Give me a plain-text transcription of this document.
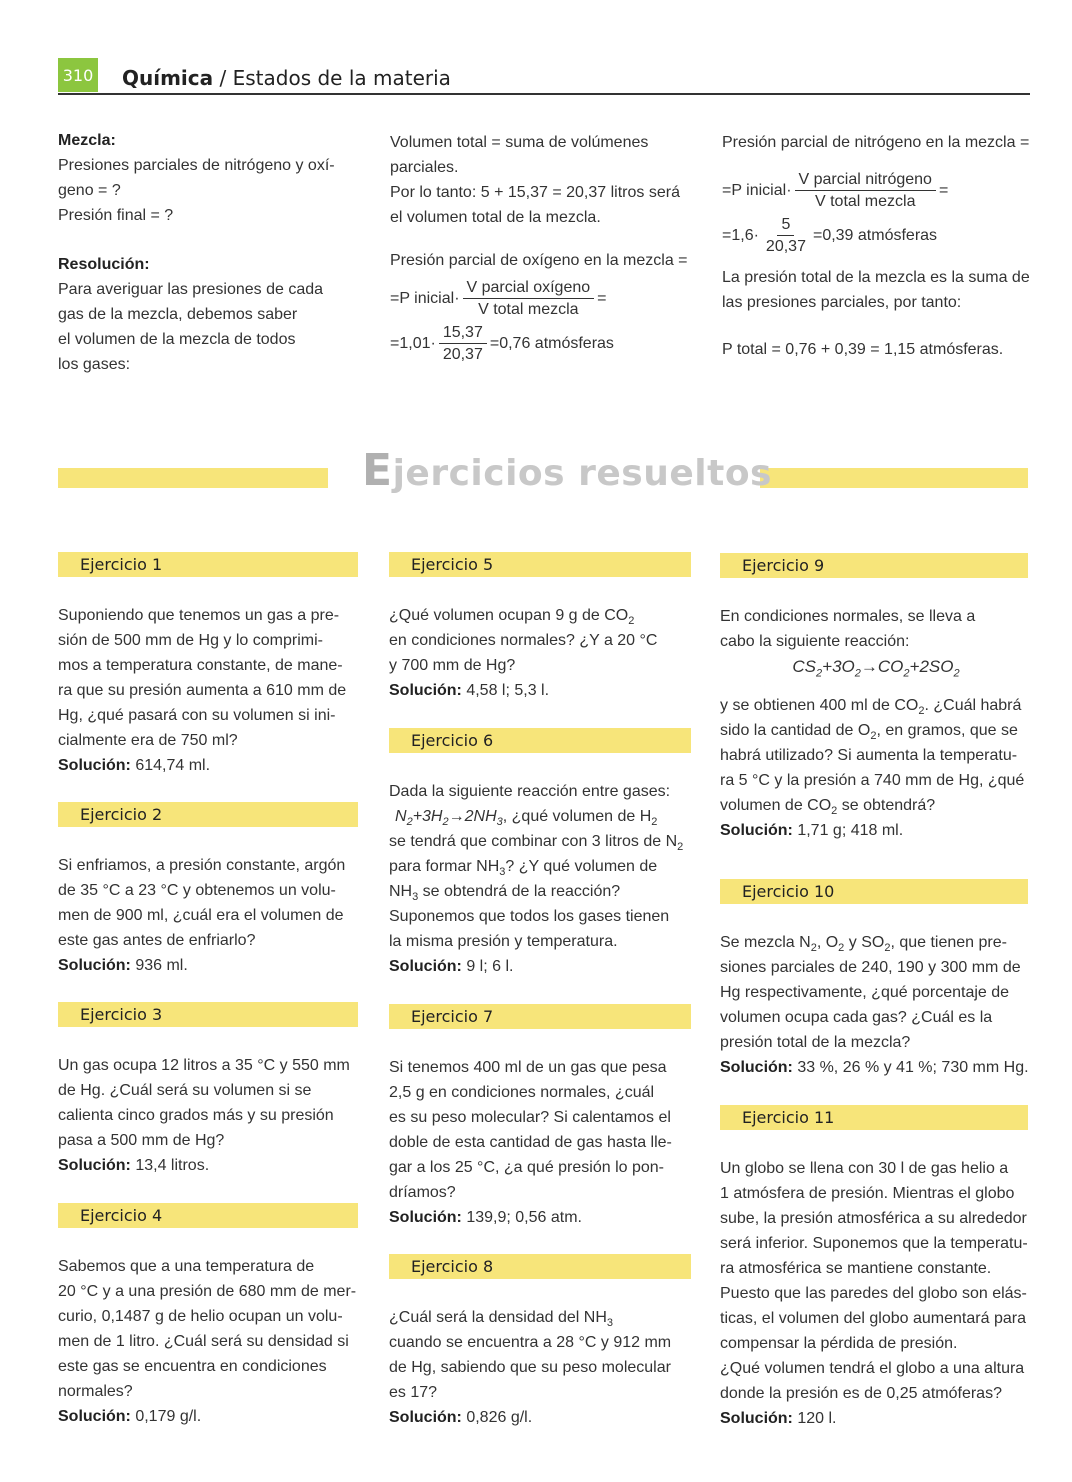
310 Química / Estados de la materia

Mezcla:

Presiones parciales de nitrógeno y oxí-

geno = ?

Presión final = ?

Resolución:

Para averiguar las presiones de cada

gas de la mezcla, debemos saber

el volumen de la mezcla de todos

los gases:

Volumen total = suma de volúmenes

parciales.

Por lo tanto: 5 + 15,37 = 20,37 litros será

el volumen total de la mezcla.

Presión parcial de oxígeno en la mezcla =

=P inicial· $\frac{\text{V parcial oxígeno}}{\text{V total mezcla}}$ =
$=1,01\cdot \frac{15,37}{20,37} =0,76$ atmósferas

Presión parcial de nitrógeno en la mezcla =

=P inicial· $\frac{\text{V parcial nitrógeno}}{\text{V total mezcla}}$ =
$=1,6\cdot \frac{5}{20,37} =0,39$ atmósferas

La presión total de la mezcla es la suma de

las presiones parciales, por tanto:

P total = 0,76 + 0,39 = 1,15 atmósferas.

Ejercicios resueltos
Ejercicio 1

Suponiendo que tenemos un gas a pre-

sión de 500 mm de Hg y lo comprimi-

mos a temperatura constante, de mane-

ra que su presión aumenta a 610 mm de

Hg, ¿qué pasará con su volumen si ini-

cialmente era de 750 ml?

Solución: 614,74 ml.

Ejercicio 2

Si enfriamos, a presión constante, argón

de 35 °C a 23 °C y obtenemos un volu-

men de 900 ml, ¿cuál era el volumen de

este gas antes de enfriarlo?

Solución: 936 ml.

Ejercicio 3

Un gas ocupa 12 litros a 35 °C y 550 mm

de Hg. ¿Cuál será su volumen si se

calienta cinco grados más y su presión

pasa a 500 mm de Hg?

Solución: 13,4 litros.

Ejercicio 4

Sabemos que a una temperatura de

20 °C y a una presión de 680 mm de mer-

curio, 0,1487 g de helio ocupan un volu-

men de 1 litro. ¿Cuál será su densidad si

este gas se encuentra en condiciones

normales?

Solución: 0,179 g/l.

Ejercicio 5

¿Qué volumen ocupan 9 g de $CO_2$

en condiciones normales? ¿Y a 20 °C

y 700 mm de Hg?

Solución: 4,58 l; 5,3 l.

Ejercicio 6

Dada la siguiente reacción entre gases:

$N_2+3H_2\to 2NH_3$, ¿qué volumen de $H_2$

se tendrá que combinar con 3 litros de $N_2$

para formar $NH_3$? ¿Y qué volumen de

$NH_3$ se obtendrá de la reacción?

Suponemos que todos los gases tienen

la misma presión y temperatura.

Solución: 9 l; 6 l.

Ejercicio 7

Si tenemos 400 ml de un gas que pesa

2,5 g en condiciones normales, ¿cuál

es su peso molecular? Si calentamos el

doble de esta cantidad de gas hasta lle-

gar a los 25 °C, ¿a qué presión lo pon-

dríamos?

Solución: 139,9; 0,56 atm.

Ejercicio 8

¿Cuál será la densidad del $NH_3$

cuando se encuentra a 28 °C y 912 mm

de Hg, sabiendo que su peso molecular

es 17?

Solución: 0,826 g/l.

Ejercicio 9

En condiciones normales, se lleva a

cabo la siguiente reacción:

$CS_2+3O_2\to CO_2+2SO_2$

y se obtienen 400 ml de $CO_2$. ¿Cuál habrá

sido la cantidad de $O_2$, en gramos, que se

habrá utilizado? Si aumenta la temperatu-

ra 5 °C y la presión a 740 mm de Hg, ¿qué

volumen de $CO_2$ se obtendrá?

Solución: 1,71 g; 418 ml.

Ejercicio 10

Se mezcla $N_2$, $O_2$ y $SO_2$, que tienen pre-

siones parciales de 240, 190 y 300 mm de

Hg respectivamente, ¿qué porcentaje de

volumen ocupa cada gas? ¿Cuál es la

presión total de la mezcla?

Solución: 33 %, 26 % y 41 %; 730 mm Hg.

Ejercicio 11

Un globo se llena con 30 l de gas helio a

1 atmósfera de presión. Mientras el globo

sube, la presión atmosférica a su alrededor

será inferior. Suponemos que la temperatu-

ra atmosférica se mantiene constante.

Puesto que las paredes del globo son elás-

ticas, el volumen del globo aumentará para

compensar la pérdida de presión.

¿Qué volumen tendrá el globo a una altura

donde la presión es de 0,25 atmóferas?

Solución: 120 l.
